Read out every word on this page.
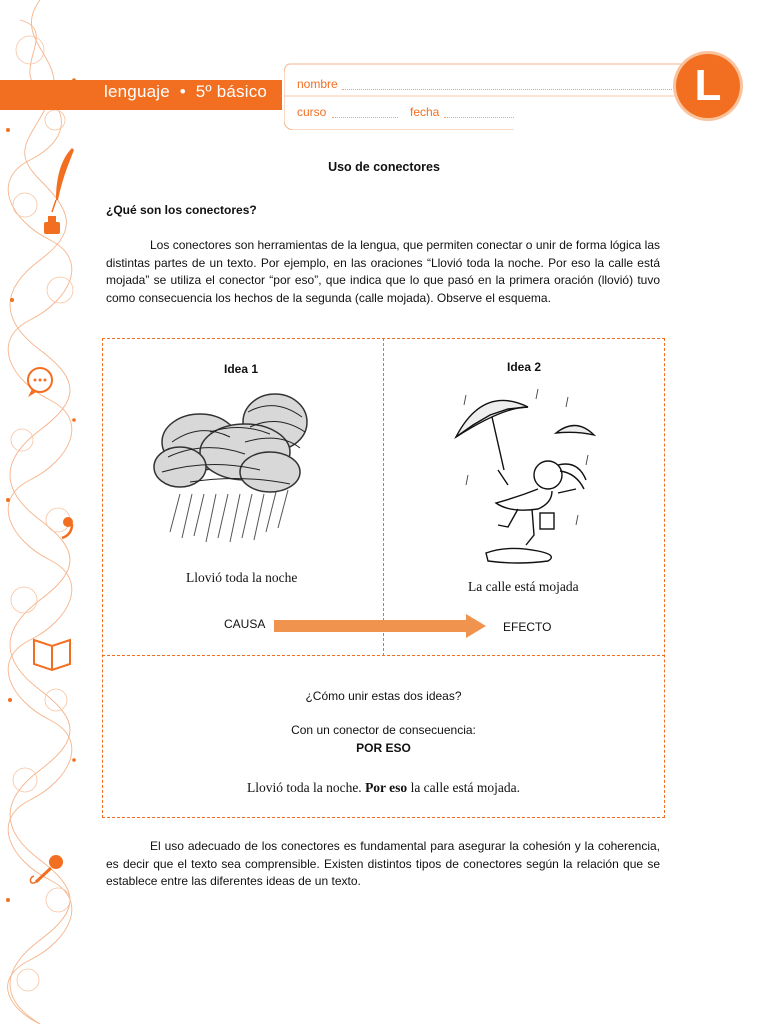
lenguaje  •  5º básico nombre
curso	fecha
L
Uso de conectores
¿Qué son los conectores?
Los conectores son herramientas de la lengua, que permiten conectar o unir de forma lógica las distintas partes de un texto. Por ejemplo, en las oraciones “Llovió toda la noche. Por eso la calle está mojada” se utiliza el conector “por eso”, que indica que lo que pasó en la primera oración (llovió) tuvo como consecuencia los hechos de la segunda (calle mojada). Observe el esquema.
Idea 1	Idea 2
Llovió toda la noche
La calle está mojada
CAUSA	EFECTO
¿Cómo unir estas dos ideas?
Con un conector de consecuencia:
POR ESO
Llovió toda la noche. Por eso la calle está mojada.
El uso adecuado de los conectores es fundamental para asegurar la cohesión y la coherencia, es decir que el texto sea comprensible. Existen distintos tipos de conectores según la relación que se establece entre las diferentes ideas de un texto.
